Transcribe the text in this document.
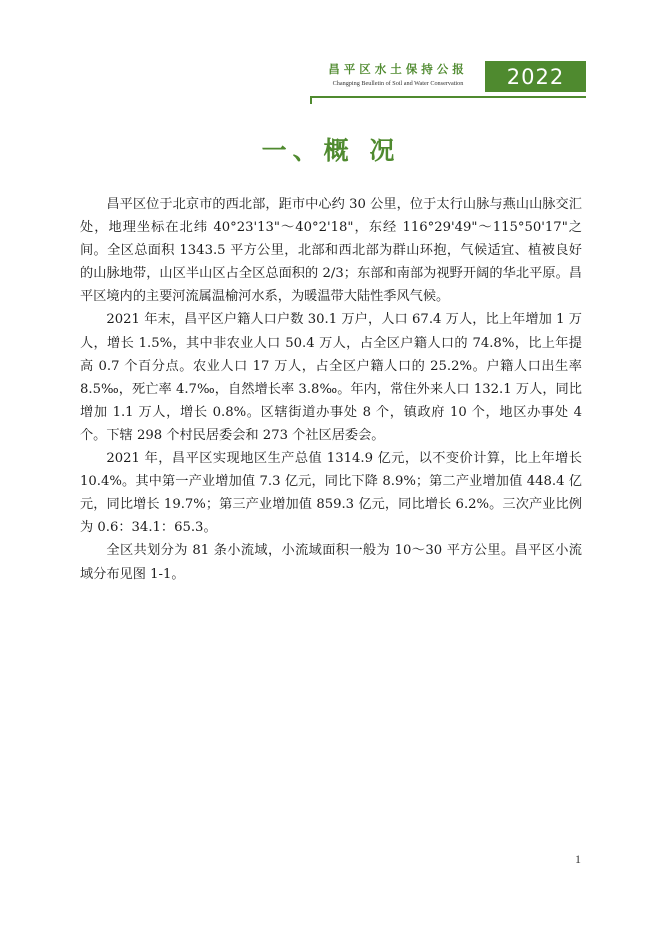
昌平区水土保持公报
Changping Beulletin of Soil and Water Conservation	2022
一、概 况

昌平区位于北京市的西北部，距市中心约 30 公里，位于太行山脉与燕山山脉交汇处，地理坐标在北纬 40°23'13"～40°2'18"，东经 116°29'49"～115°50'17"之间。全区总面积 1343.5 平方公里，北部和西北部为群山环抱，气候适宜、植被良好的山脉地带，山区半山区占全区总面积的 2/3；东部和南部为视野开阔的华北平原。昌平区境内的主要河流属温榆河水系，为暖温带大陆性季风气候。

2021 年末，昌平区户籍人口户数 30.1 万户，人口 67.4 万人，比上年增加 1 万人，增长 1.5%，其中非农业人口 50.4 万人，占全区户籍人口的 74.8%，比上年提高 0.7 个百分点。农业人口 17 万人，占全区户籍人口的 25.2%。户籍人口出生率 8.5‰，死亡率 4.7‰，自然增长率 3.8‰。年内，常住外来人口 132.1 万人，同比增加 1.1 万人，增长 0.8%。区辖街道办事处 8 个，镇政府 10 个，地区办事处 4 个。下辖 298 个村民居委会和 273 个社区居委会。

2021 年，昌平区实现地区生产总值 1314.9 亿元，以不变价计算，比上年增长 10.4%。其中第一产业增加值 7.3 亿元，同比下降 8.9%；第二产业增加值 448.4 亿元，同比增长 19.7%；第三产业增加值 859.3 亿元，同比增长 6.2%。三次产业比例为 0.6：34.1：65.3。

全区共划分为 81 条小流域，小流域面积一般为 10～30 平方公里。昌平区小流域分布见图 1-1。

1
